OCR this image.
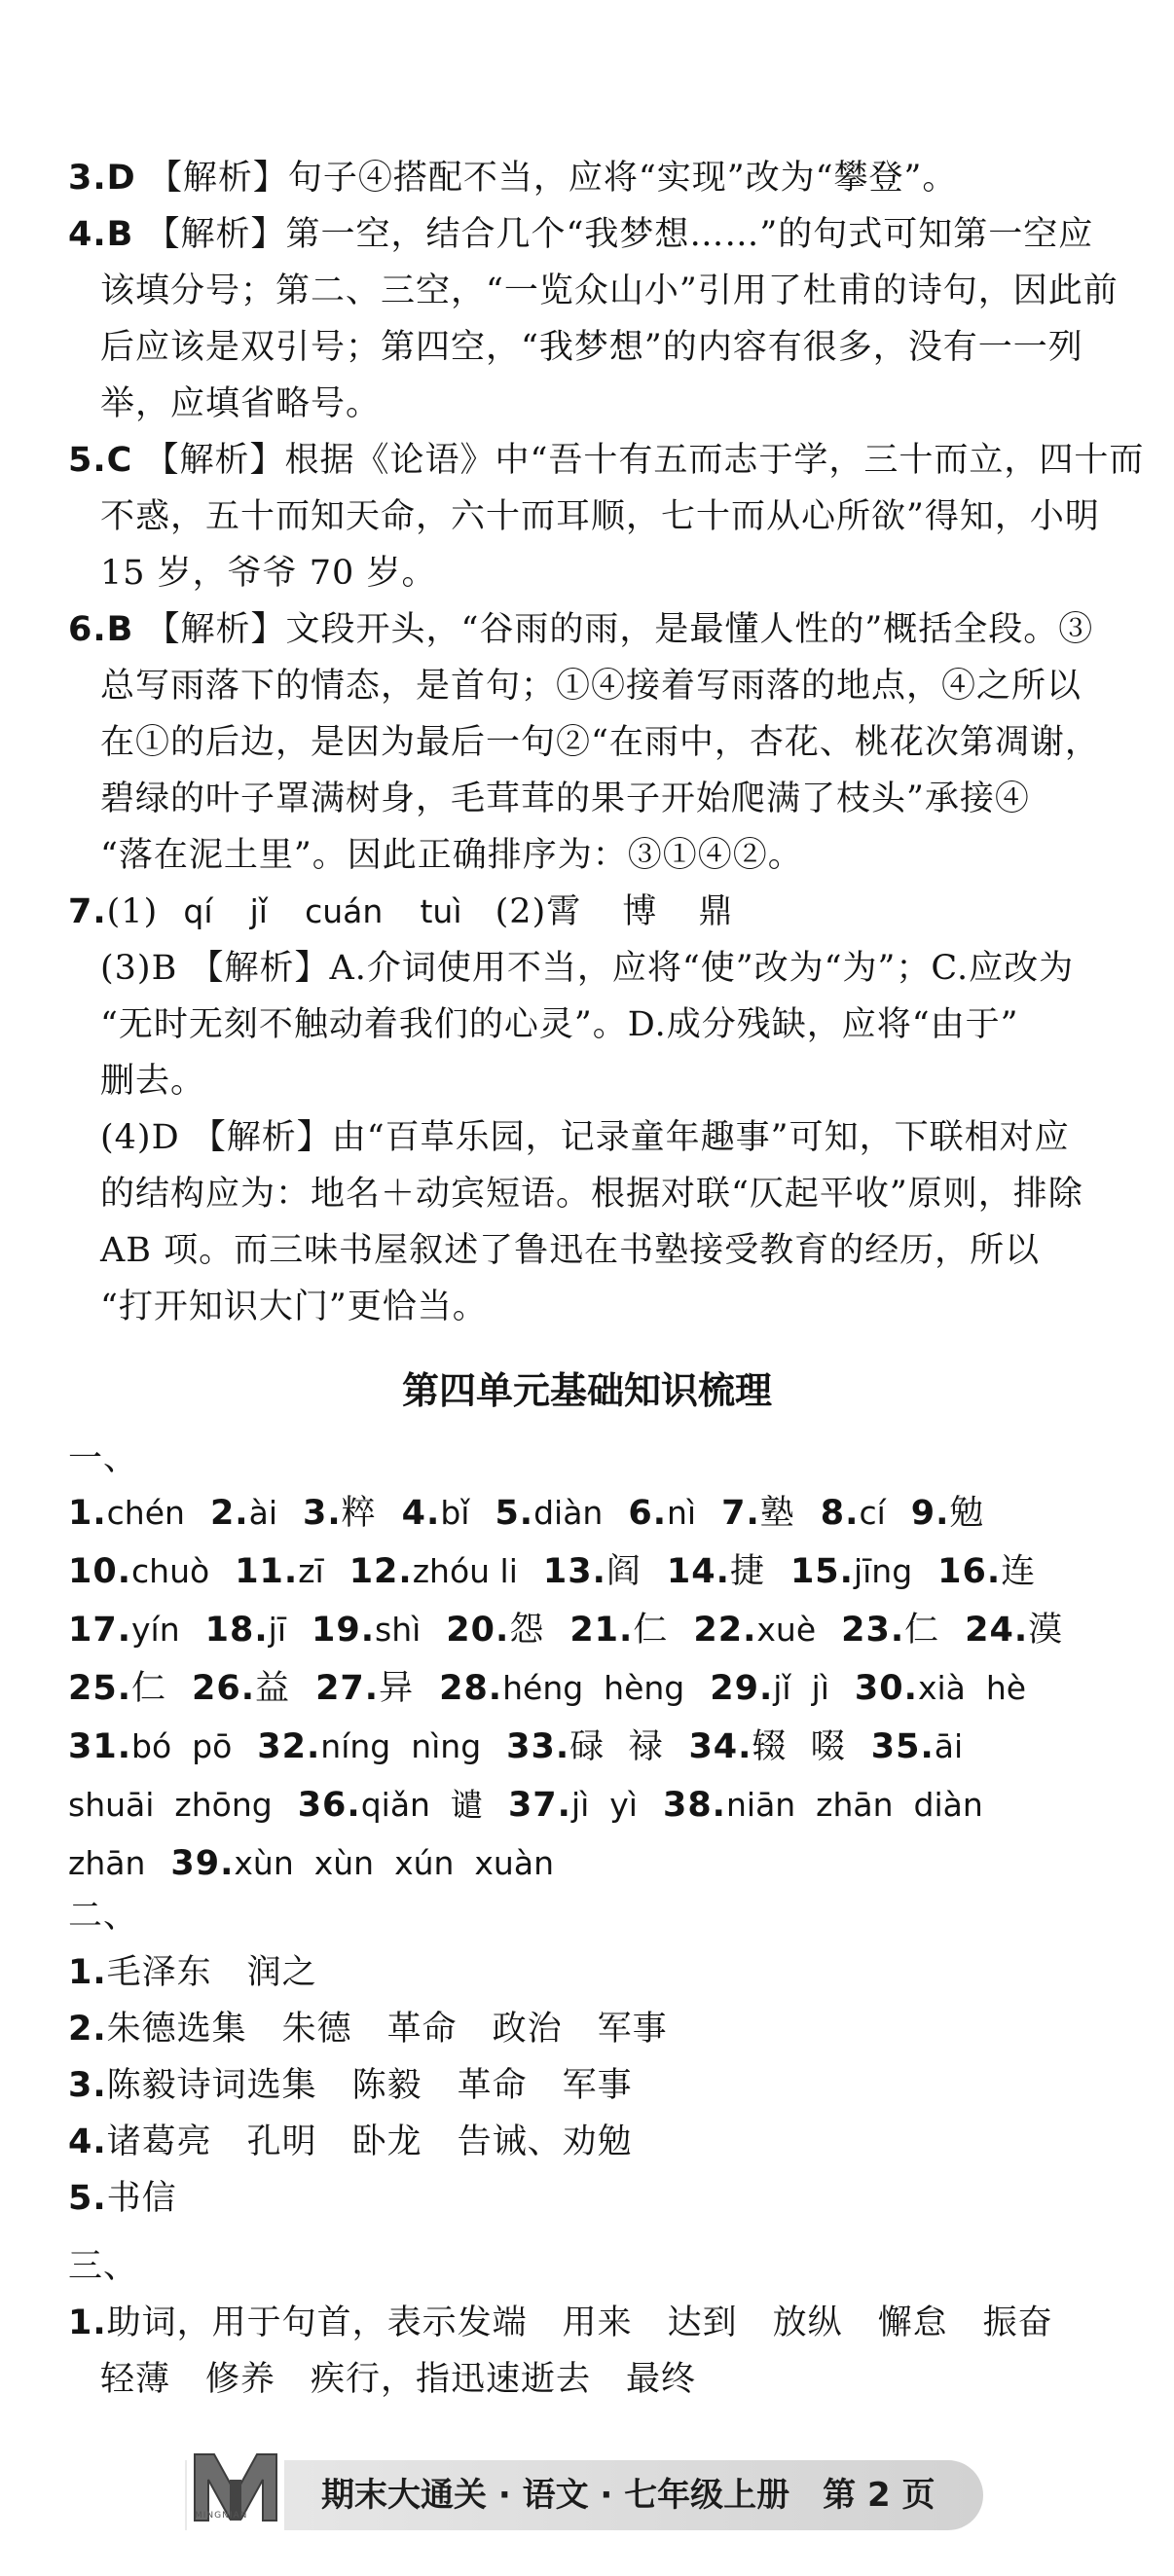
3.D 【解析】句子④搭配不当，应将“实现”改为“攀登”。
4.B 【解析】第一空，结合几个“我梦想……”的句式可知第一空应
该填分号；第二、三空，“一览众山小”引用了杜甫的诗句，因此前
后应该是双引号；第四空，“我梦想”的内容有很多，没有一一列
举，应填省略号。
5.C 【解析】根据《论语》中“吾十有五而志于学，三十而立，四十而
不惑，五十而知天命，六十而耳顺，七十而从心所欲”得知，小明
15 岁，爷爷 70 岁。
6.B 【解析】文段开头，“谷雨的雨，是最懂人性的”概括全段。③
总写雨落下的情态，是首句；①④接着写雨落的地点，④之所以
在①的后边，是因为最后一句②“在雨中，杏花、桃花次第凋谢，
碧绿的叶子罩满树身，毛茸茸的果子开始爬满了枝头”承接④
“落在泥土里”。因此正确排序为：③①④②。
7.(1) qí jǐ cuán tuì (2)霄 博 鼎
(3)B 【解析】A.介词使用不当，应将“使”改为“为”；C.应改为
“无时无刻不触动着我们的心灵”。D.成分残缺，应将“由于”
删去。
(4)D 【解析】由“百草乐园，记录童年趣事”可知，下联相对应
的结构应为：地名＋动宾短语。根据对联“仄起平收”原则，排除
AB 项。而三味书屋叙述了鲁迅在书塾接受教育的经历，所以
“打开知识大门”更恰当。
第四单元基础知识梳理
一、
1.chén 2.ài 3.粹 4.bǐ 5.diàn 6.nì 7.塾 8.cí 9.勉
10.chuò 11.zī 12.zhóu li 13.阎 14.捷 15.jīng 16.连
17.yín 18.jī 19.shì 20.怨 21.仁 22.xuè 23.仁 24.漠
25.仁 26.益 27.异 28.héng  hèng 29.jǐ  jì 30.xià  hè
31.bó  pō 32.níng  nìng 33.碌  禄 34.辍  啜 35.āi
shuāi  zhōng 36.qiǎn  谴 37.jì  yì 38.niān  zhān  diàn
zhān 39.xùn  xùn  xún  xuàn
二、
1.毛泽东　润之
2.朱德选集　朱德　革命　政治　军事
3.陈毅诗词选集　陈毅　革命　军事
4.诸葛亮　孔明　卧龙　告诫、劝勉
5.书信
三、
1.助词，用于句首，表示发端　用来　达到　放纵　懈怠　振奋
轻薄　修养　疾行，指迅速逝去　最终
MINGNIAN
期末大通关 · 语文 · 七年级上册　第 2 页
